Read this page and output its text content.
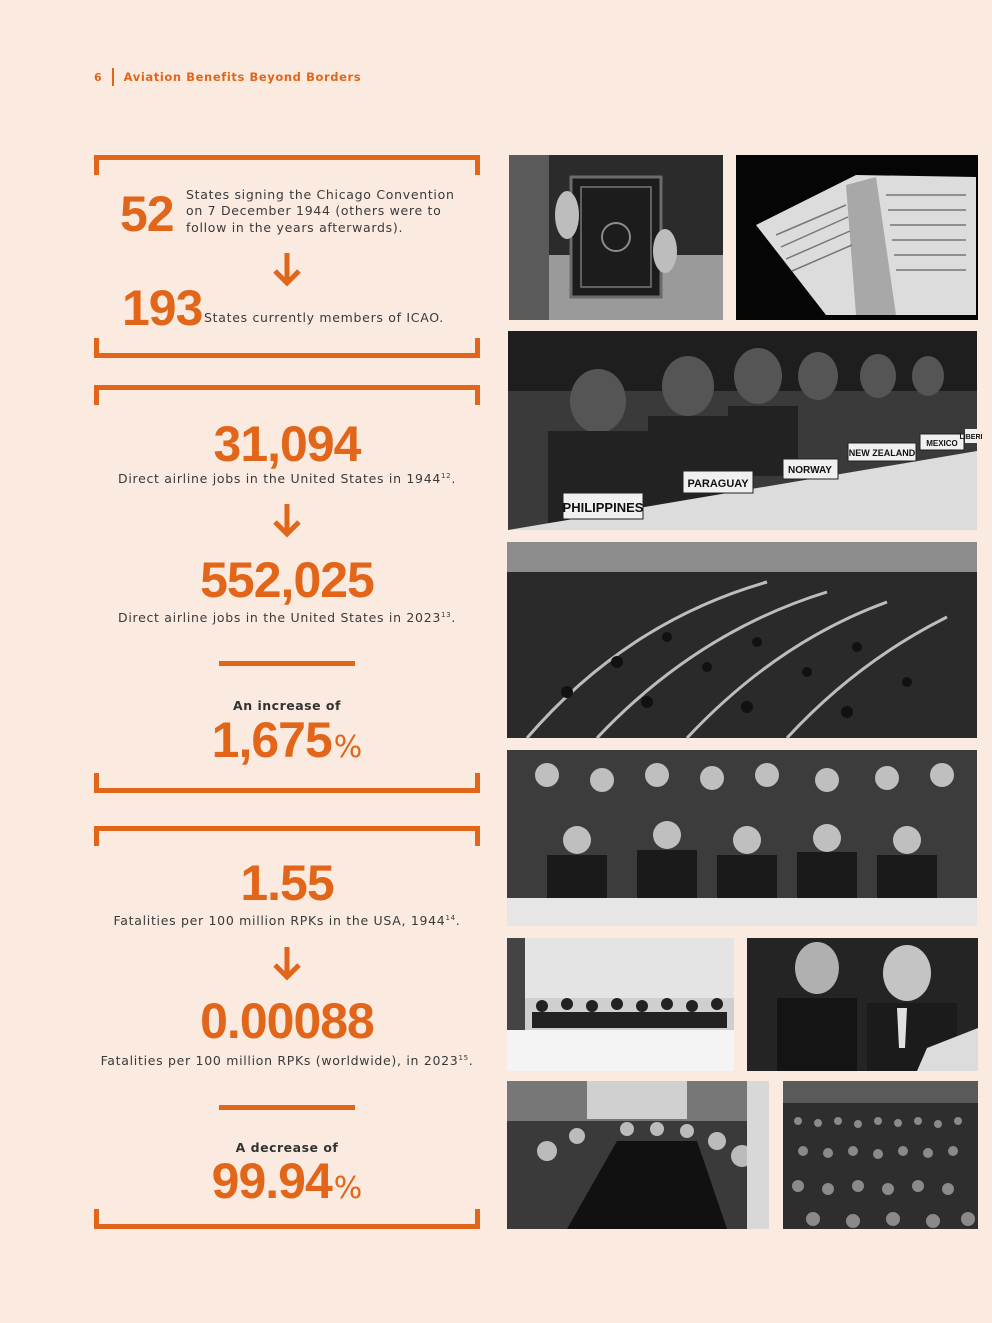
6 Aviation Benefits Beyond Borders
52 States signing the Chicago Convention on 7 December 1944 (others were to follow in the years afterwards).
193 States currently members of ICAO.
31,094
Direct airline jobs in the United States in 1944$^{12}$.
552,025
Direct airline jobs in the United States in 2023$^{13}$.
An increase of
1,675%
1.55
Fatalities per 100 million RPKs in the USA, 1944$^{14}$.
0.00088
Fatalities per 100 million RPKs (worldwide), in 2023$^{15}$.
A decrease of
99.94%
PHILIPPINES
PARAGUAY
NORWAY
NEW ZEALAND
MEXICO
LIBERI
